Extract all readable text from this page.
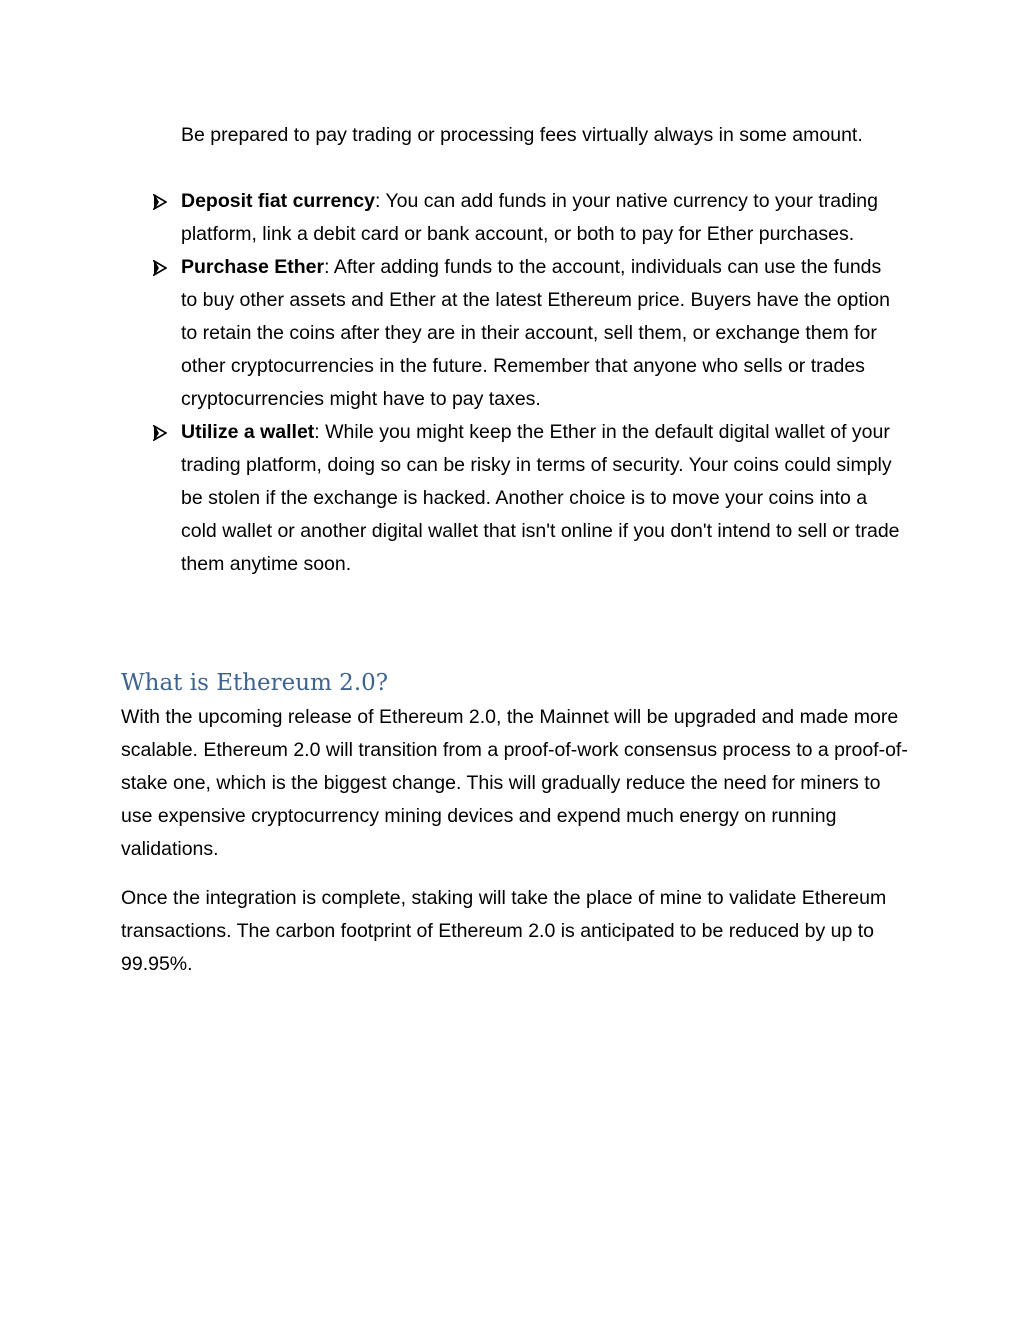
Be prepared to pay trading or processing fees virtually always in some amount.

Deposit fiat currency: You can add funds in your native currency to your trading platform, link a debit card or bank account, or both to pay for Ether purchases.
Purchase Ether: After adding funds to the account, individuals can use the funds to buy other assets and Ether at the latest Ethereum price. Buyers have the option to retain the coins after they are in their account, sell them, or exchange them for other cryptocurrencies in the future. Remember that anyone who sells or trades cryptocurrencies might have to pay taxes.
Utilize a wallet: While you might keep the Ether in the default digital wallet of your trading platform, doing so can be risky in terms of security. Your coins could simply be stolen if the exchange is hacked. Another choice is to move your coins into a cold wallet or another digital wallet that isn't online if you don't intend to sell or trade them anytime soon.
What is Ethereum 2.0?

With the upcoming release of Ethereum 2.0, the Mainnet will be upgraded and made more scalable. Ethereum 2.0 will transition from a proof-of-work consensus process to a proof-of-stake one, which is the biggest change. This will gradually reduce the need for miners to use expensive cryptocurrency mining devices and expend much energy on running validations.

Once the integration is complete, staking will take the place of mine to validate Ethereum transactions. The carbon footprint of Ethereum 2.0 is anticipated to be reduced by up to 99.95%.
